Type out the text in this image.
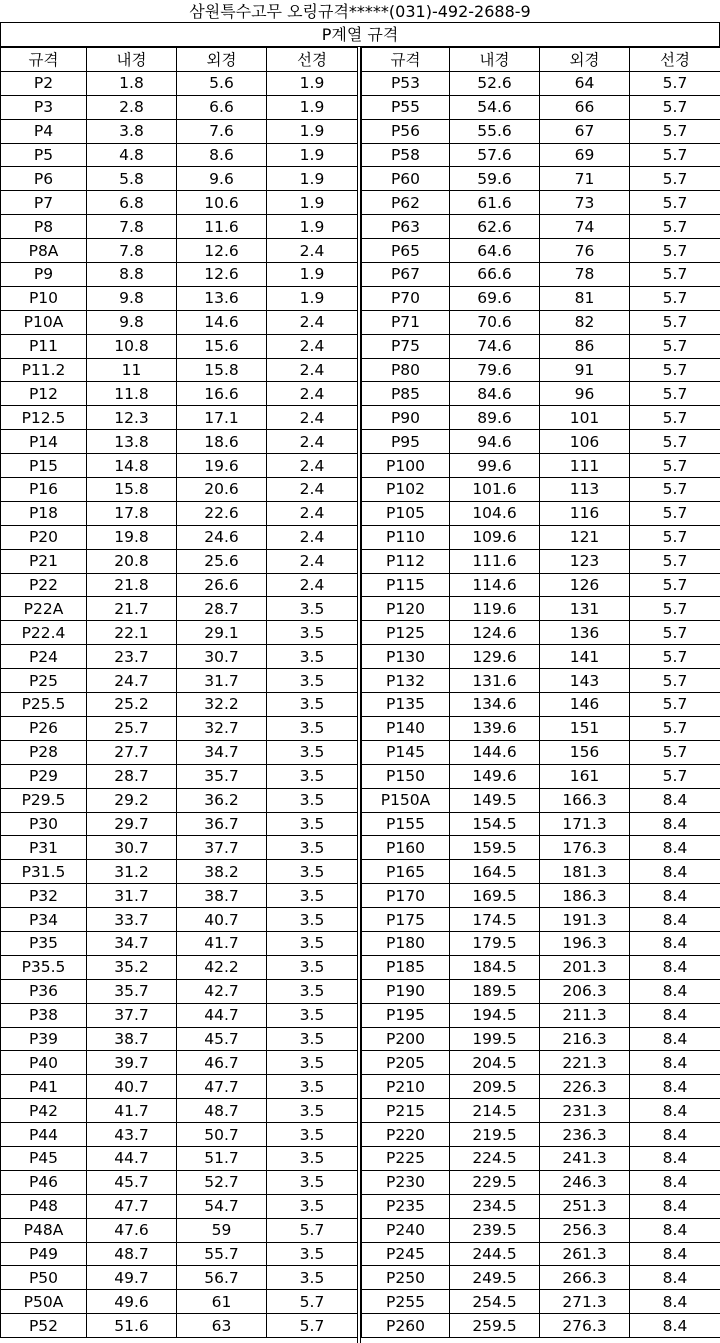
삼원특수고무 오링규격*****(031)-492-2688-9
P계열 규격
규격	내경	외경	선경
P2	1.8	5.6	1.9
P3	2.8	6.6	1.9
P4	3.8	7.6	1.9
P5	4.8	8.6	1.9
P6	5.8	9.6	1.9
P7	6.8	10.6	1.9
P8	7.8	11.6	1.9
P8A	7.8	12.6	2.4
P9	8.8	12.6	1.9
P10	9.8	13.6	1.9
P10A	9.8	14.6	2.4
P11	10.8	15.6	2.4
P11.2	11	15.8	2.4
P12	11.8	16.6	2.4
P12.5	12.3	17.1	2.4
P14	13.8	18.6	2.4
P15	14.8	19.6	2.4
P16	15.8	20.6	2.4
P18	17.8	22.6	2.4
P20	19.8	24.6	2.4
P21	20.8	25.6	2.4
P22	21.8	26.6	2.4
P22A	21.7	28.7	3.5
P22.4	22.1	29.1	3.5
P24	23.7	30.7	3.5
P25	24.7	31.7	3.5
P25.5	25.2	32.2	3.5
P26	25.7	32.7	3.5
P28	27.7	34.7	3.5
P29	28.7	35.7	3.5
P29.5	29.2	36.2	3.5
P30	29.7	36.7	3.5
P31	30.7	37.7	3.5
P31.5	31.2	38.2	3.5
P32	31.7	38.7	3.5
P34	33.7	40.7	3.5
P35	34.7	41.7	3.5
P35.5	35.2	42.2	3.5
P36	35.7	42.7	3.5
P38	37.7	44.7	3.5
P39	38.7	45.7	3.5
P40	39.7	46.7	3.5
P41	40.7	47.7	3.5
P42	41.7	48.7	3.5
P44	43.7	50.7	3.5
P45	44.7	51.7	3.5
P46	45.7	52.7	3.5
P48	47.7	54.7	3.5
P48A	47.6	59	5.7
P49	48.7	55.7	3.5
P50	49.7	56.7	3.5
P50A	49.6	61	5.7
P52	51.6	63	5.7
규격	내경	외경	선경
P53	52.6	64	5.7
P55	54.6	66	5.7
P56	55.6	67	5.7
P58	57.6	69	5.7
P60	59.6	71	5.7
P62	61.6	73	5.7
P63	62.6	74	5.7
P65	64.6	76	5.7
P67	66.6	78	5.7
P70	69.6	81	5.7
P71	70.6	82	5.7
P75	74.6	86	5.7
P80	79.6	91	5.7
P85	84.6	96	5.7
P90	89.6	101	5.7
P95	94.6	106	5.7
P100	99.6	111	5.7
P102	101.6	113	5.7
P105	104.6	116	5.7
P110	109.6	121	5.7
P112	111.6	123	5.7
P115	114.6	126	5.7
P120	119.6	131	5.7
P125	124.6	136	5.7
P130	129.6	141	5.7
P132	131.6	143	5.7
P135	134.6	146	5.7
P140	139.6	151	5.7
P145	144.6	156	5.7
P150	149.6	161	5.7
P150A	149.5	166.3	8.4
P155	154.5	171.3	8.4
P160	159.5	176.3	8.4
P165	164.5	181.3	8.4
P170	169.5	186.3	8.4
P175	174.5	191.3	8.4
P180	179.5	196.3	8.4
P185	184.5	201.3	8.4
P190	189.5	206.3	8.4
P195	194.5	211.3	8.4
P200	199.5	216.3	8.4
P205	204.5	221.3	8.4
P210	209.5	226.3	8.4
P215	214.5	231.3	8.4
P220	219.5	236.3	8.4
P225	224.5	241.3	8.4
P230	229.5	246.3	8.4
P235	234.5	251.3	8.4
P240	239.5	256.3	8.4
P245	244.5	261.3	8.4
P250	249.5	266.3	8.4
P255	254.5	271.3	8.4
P260	259.5	276.3	8.4
